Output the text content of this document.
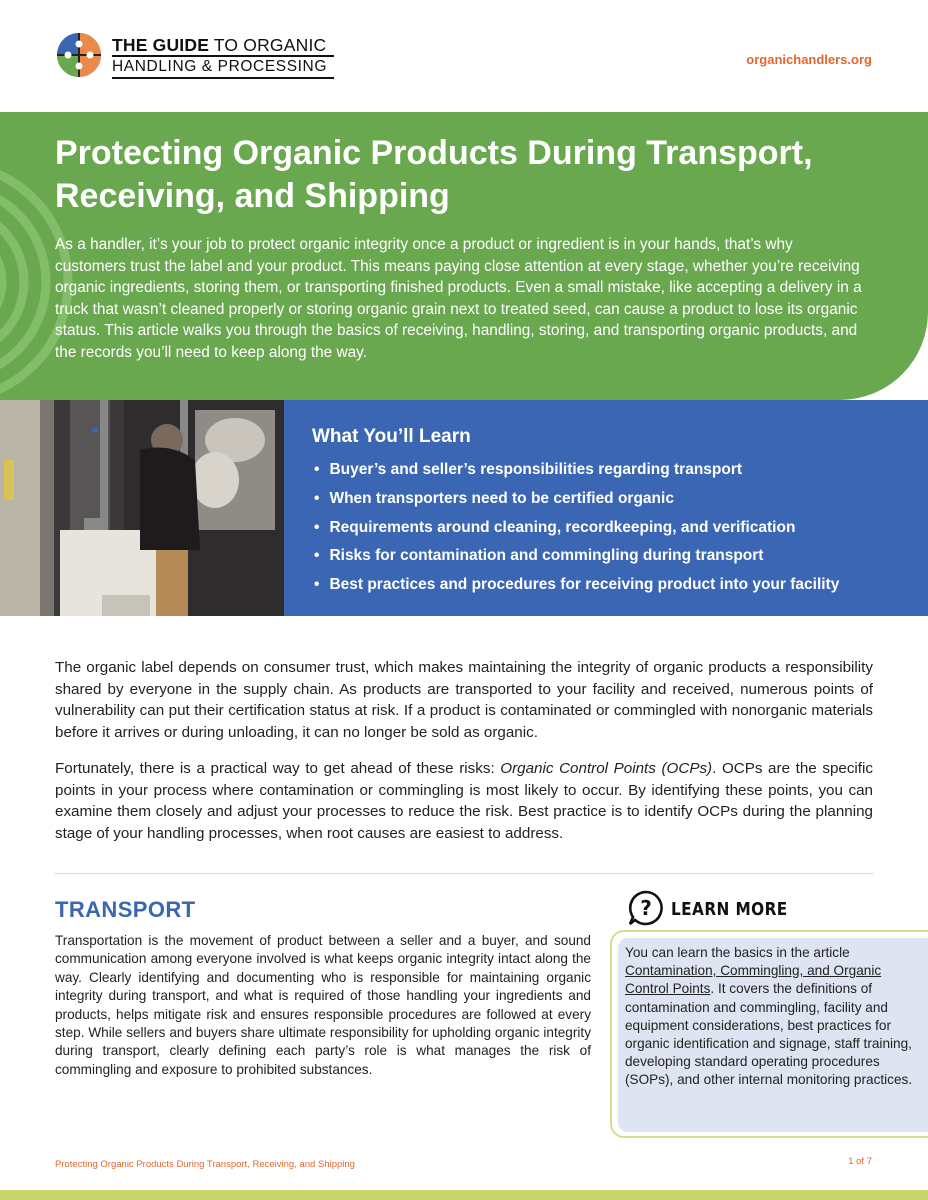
THE GUIDE TO ORGANIC
HANDLING & PROCESSING	organichandlers.org
Protecting Organic Products During Transport, Receiving, and Shipping

As a handler, it’s your job to protect organic integrity once a product or ingredient is in your hands, that’s why customers trust the label and your product. This means paying close attention at every stage, whether you’re receiving organic ingredients, storing them, or transporting finished products. Even a small mistake, like accepting a delivery in a truck that wasn’t cleaned properly or storing organic grain next to treated seed, can cause a product to lose its organic status. This article walks you through the basics of receiving, handling, storing, and transporting organic products, and the records you’ll need to keep along the way.

What You’ll Learn
• Buyer’s and seller’s responsibilities regarding transport
• When transporters need to be certified organic
• Requirements around cleaning, recordkeeping, and verification
• Risks for contamination and commingling during transport
• Best practices and procedures for receiving product into your facility

The organic label depends on consumer trust, which makes maintaining the integrity of organic products a responsibility shared by everyone in the supply chain. As products are transported to your facility and received, numerous points of vulnerability can put their certification status at risk. If a product is contaminated or commingled with nonorganic materials before it arrives or during unloading, it can no longer be sold as organic.

Fortunately, there is a practical way to get ahead of these risks: Organic Control Points (OCPs). OCPs are the specific points in your process where contamination or commingling is most likely to occur. By identifying these points, you can examine them closely and adjust your processes to reduce the risk. Best practice is to identify OCPs during the planning stage of your handling processes, when root causes are easiest to address.

TRANSPORT

Transportation is the movement of product between a seller and a buyer, and sound communication among everyone involved is what keeps organic integrity intact along the way. Clearly identifying and documenting who is responsible for maintaining organic integrity during transport, and what is required of those handling your ingredients and products, helps mitigate risk and ensures responsible procedures are followed at every step. While sellers and buyers share ultimate responsibility for upholding organic integrity during transport, clearly defining each party’s role is what manages the risk of commingling and exposure to prohibited substances.

? LEARN MORE
You can learn the basics in the article Contamination, Commingling, and Organic Control Points. It covers the definitions of contamination and commingling, facility and equipment considerations, best practices for organic identification and signage, staff training, developing standard operating procedures (SOPs), and other internal monitoring practices.
Protecting Organic Products During Transport, Receiving, and Shipping	1 of 7
